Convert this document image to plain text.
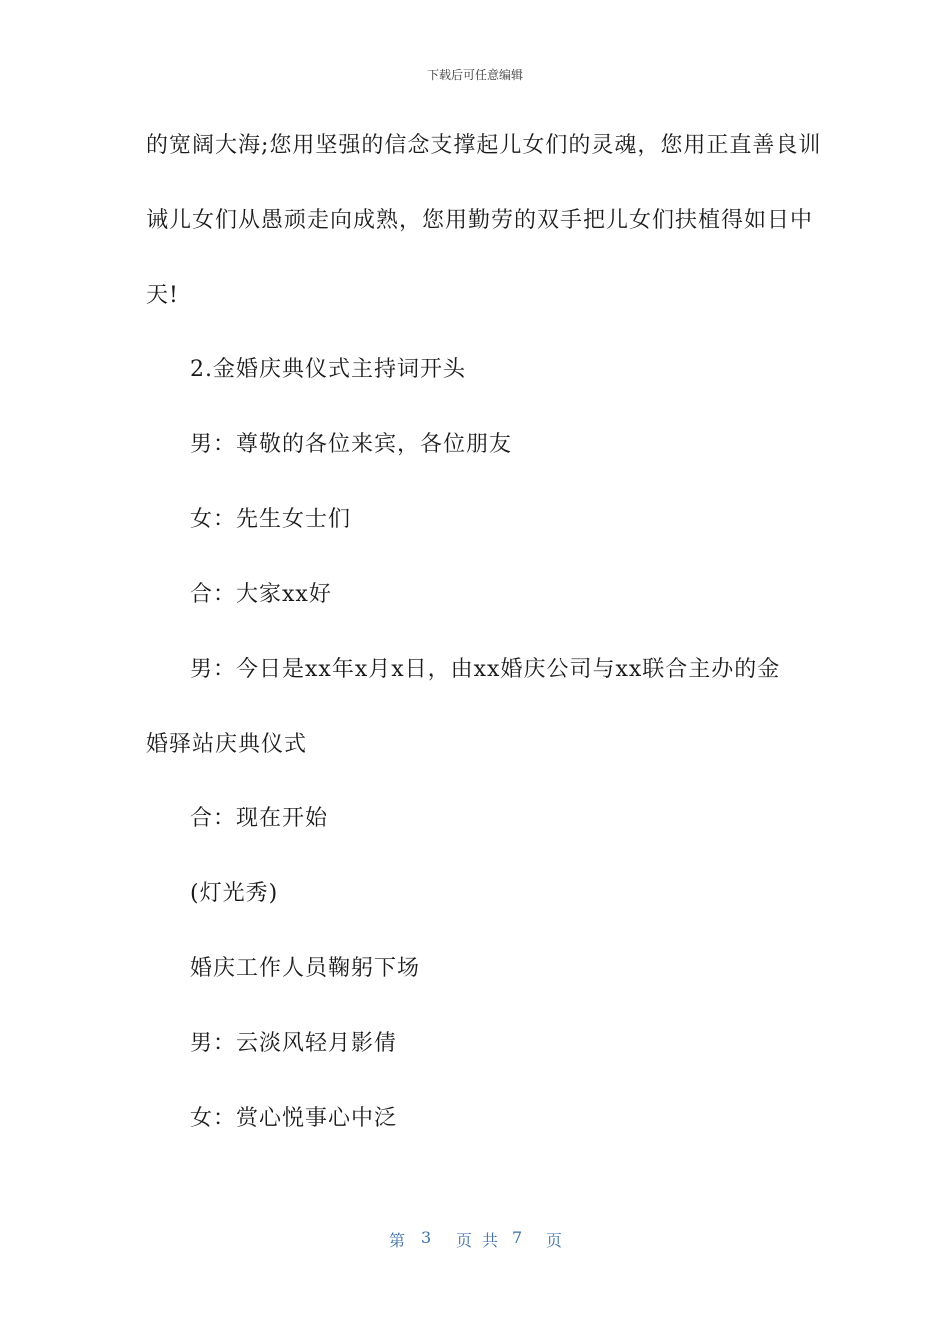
下载后可任意编辑
的宽阔大海;您用坚强的信念支撑起儿女们的灵魂，您用正直善良训
诫儿女们从愚顽走向成熟，您用勤劳的双手把儿女们扶植得如日中
天!
2.金婚庆典仪式主持词开头
男：尊敬的各位来宾，各位朋友
女：先生女士们
合：大家xx好
男：今日是xx年x月x日，由xx婚庆公司与xx联合主办的金
婚驿站庆典仪式
合：现在开始
(灯光秀)
婚庆工作人员鞠躬下场
男：云淡风轻月影倩
女：赏心悦事心中泛
第 3 页共 7 页
